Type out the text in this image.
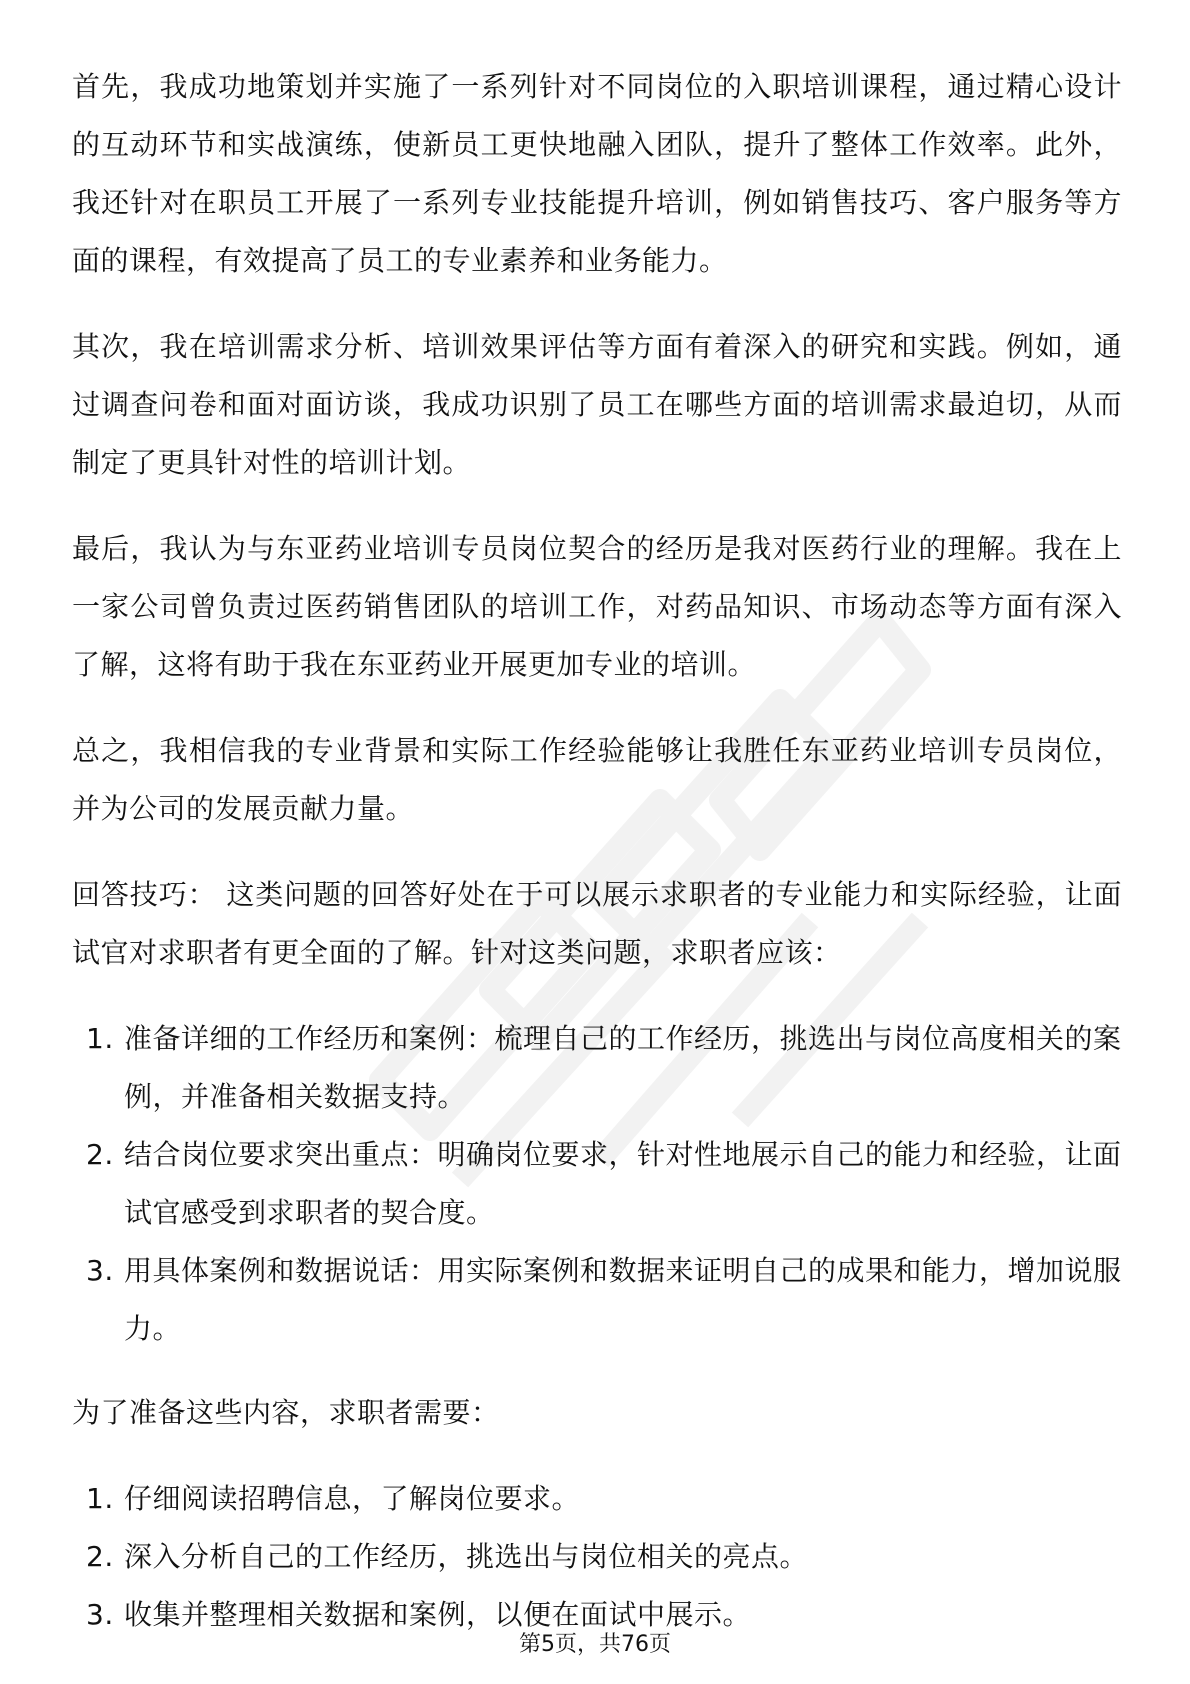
首先，我成功地策划并实施了一系列针对不同岗位的入职培训课程，通过精心设计的互动环节和实战演练，使新员工更快地融入团队，提升了整体工作效率。此外，我还针对在职员工开展了一系列专业技能提升培训，例如销售技巧、客户服务等方面的课程，有效提高了员工的专业素养和业务能力。

其次，我在培训需求分析、培训效果评估等方面有着深入的研究和实践。例如，通过调查问卷和面对面访谈，我成功识别了员工在哪些方面的培训需求最迫切，从而制定了更具针对性的培训计划。

最后，我认为与东亚药业培训专员岗位契合的经历是我对医药行业的理解。我在上一家公司曾负责过医药销售团队的培训工作，对药品知识、市场动态等方面有深入了解，这将有助于我在东亚药业开展更加专业的培训。

总之，我相信我的专业背景和实际工作经验能够让我胜任东亚药业培训专员岗位，并为公司的发展贡献力量。

回答技巧： 这类问题的回答好处在于可以展示求职者的专业能力和实际经验，让面试官对求职者有更全面的了解。针对这类问题，求职者应该：

1. 准备详细的工作经历和案例：梳理自己的工作经历，挑选出与岗位高度相关的案例，并准备相关数据支持。
2. 结合岗位要求突出重点：明确岗位要求，针对性地展示自己的能力和经验，让面试官感受到求职者的契合度。
3. 用具体案例和数据说话：用实际案例和数据来证明自己的成果和能力，增加说服力。

为了准备这些内容，求职者需要：

1. 仔细阅读招聘信息，了解岗位要求。
2. 深入分析自己的工作经历，挑选出与岗位相关的亮点。
3. 收集并整理相关数据和案例，以便在面试中展示。
第5页，共76页
